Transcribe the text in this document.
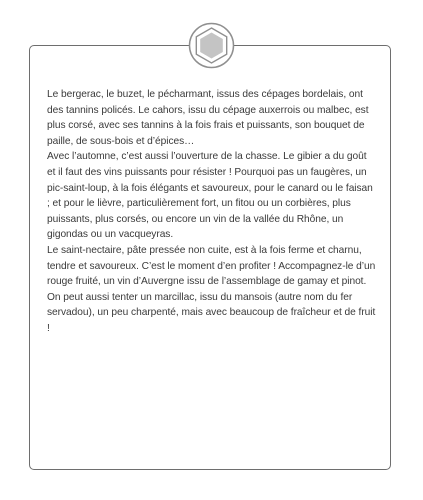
Le bergerac, le buzet, le pécharmant, issus des cépages bordelais, ont des tannins policés. Le cahors, issu du cépage auxerrois ou malbec, est plus corsé, avec ses tannins à la fois frais et puissants, son bouquet de paille, de sous-bois et d’épices…

Avec l’automne, c’est aussi l’ouverture de la chasse. Le gibier a du goût et il faut des vins puissants pour résister ! Pourquoi pas un faugères, un pic-saint-loup, à la fois élégants et savoureux, pour le canard ou le faisan ; et pour le lièvre, particulièrement fort, un fitou ou un corbières, plus puissants, plus corsés, ou encore un vin de la vallée du Rhône, un gigondas ou un vacqueyras.

Le saint-nectaire, pâte pressée non cuite, est à la fois ferme et charnu, tendre et savoureux. C’est le moment d’en profiter ! Accompagnez-le d’un rouge fruité, un vin d’Auvergne issu de l’assemblage de gamay et pinot. On peut aussi tenter un marcillac, issu du mansois (autre nom du fer servadou), un peu charpenté, mais avec beaucoup de fraîcheur et de fruit !
